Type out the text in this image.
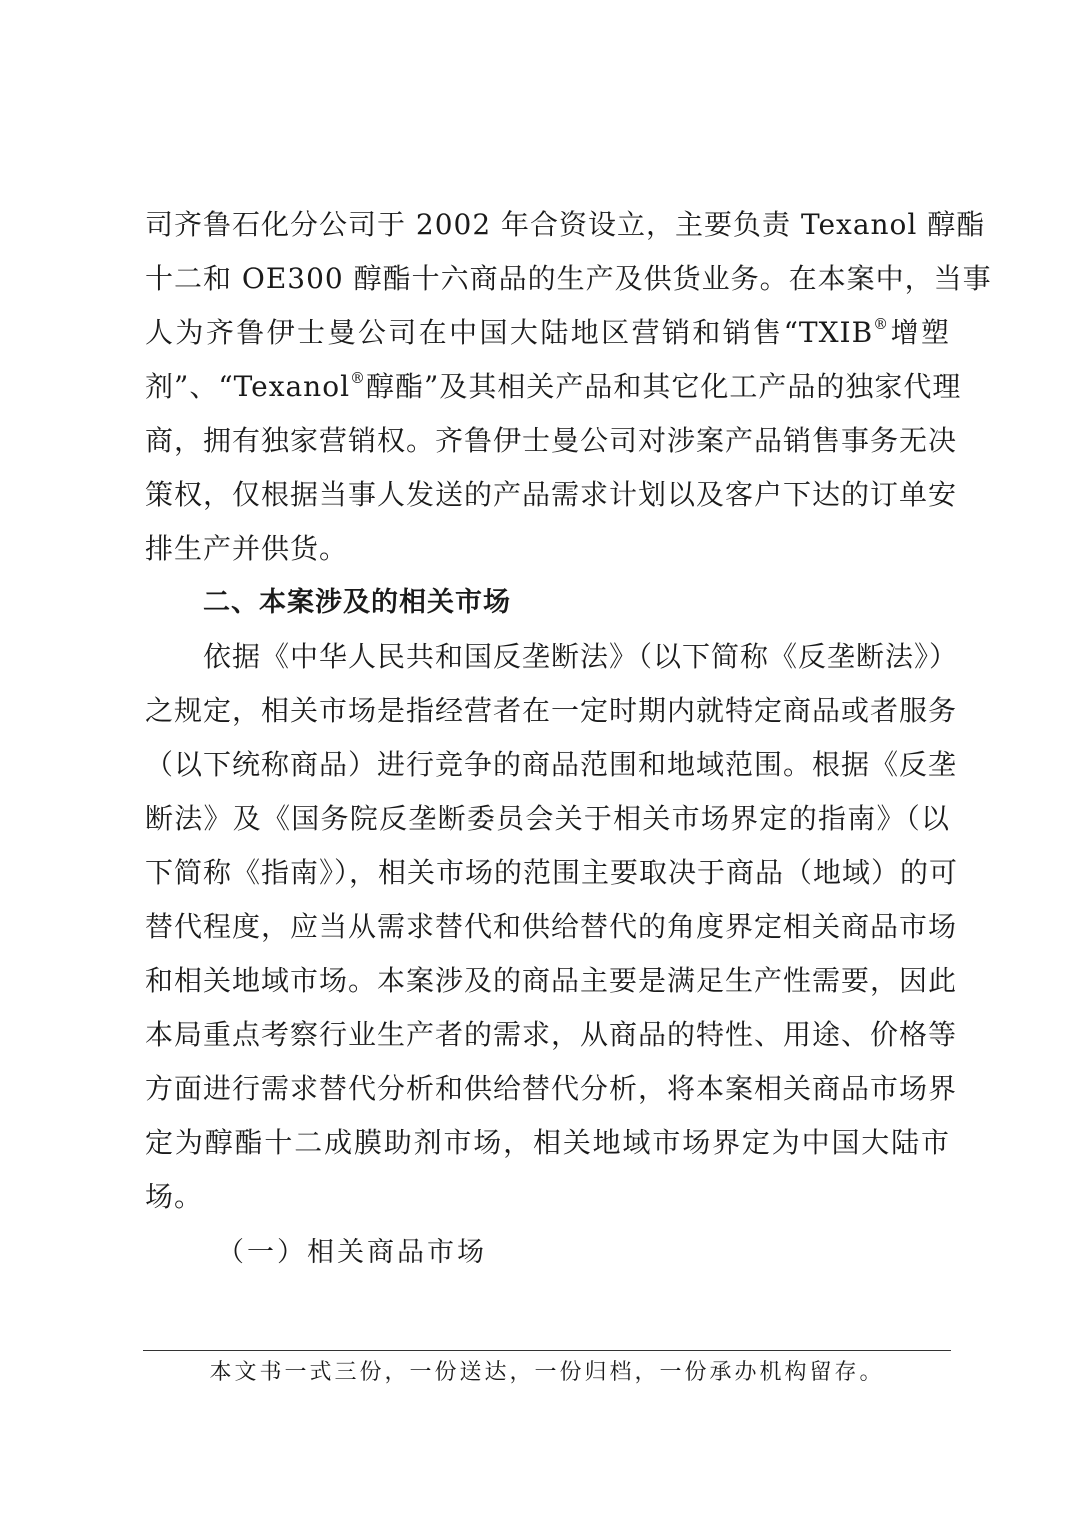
司齐鲁石化分公司于 2002 年合资设立，主要负责 Texanol 醇酯
十二和 OE300 醇酯十六商品的生产及供货业务。在本案中，当事
人为齐鲁伊士曼公司在中国大陆地区营销和销售“TXIB®增塑
剂”、“Texanol®醇酯”及其相关产品和其它化工产品的独家代理
商，拥有独家营销权。齐鲁伊士曼公司对涉案产品销售事务无决
策权，仅根据当事人发送的产品需求计划以及客户下达的订单安
排生产并供货。
二、本案涉及的相关市场
依据《中华人民共和国反垄断法》（以下简称《反垄断法》）
之规定，相关市场是指经营者在一定时期内就特定商品或者服务
（以下统称商品）进行竞争的商品范围和地域范围。根据《反垄
断法》及《国务院反垄断委员会关于相关市场界定的指南》（以
下简称《指南》），相关市场的范围主要取决于商品（地域）的可
替代程度，应当从需求替代和供给替代的角度界定相关商品市场
和相关地域市场。本案涉及的商品主要是满足生产性需要，因此
本局重点考察行业生产者的需求，从商品的特性、用途、价格等
方面进行需求替代分析和供给替代分析，将本案相关商品市场界
定为醇酯十二成膜助剂市场，相关地域市场界定为中国大陆市
场。
（一）相关商品市场
本文书一式三份，一份送达，一份归档，一份承办机构留存。
